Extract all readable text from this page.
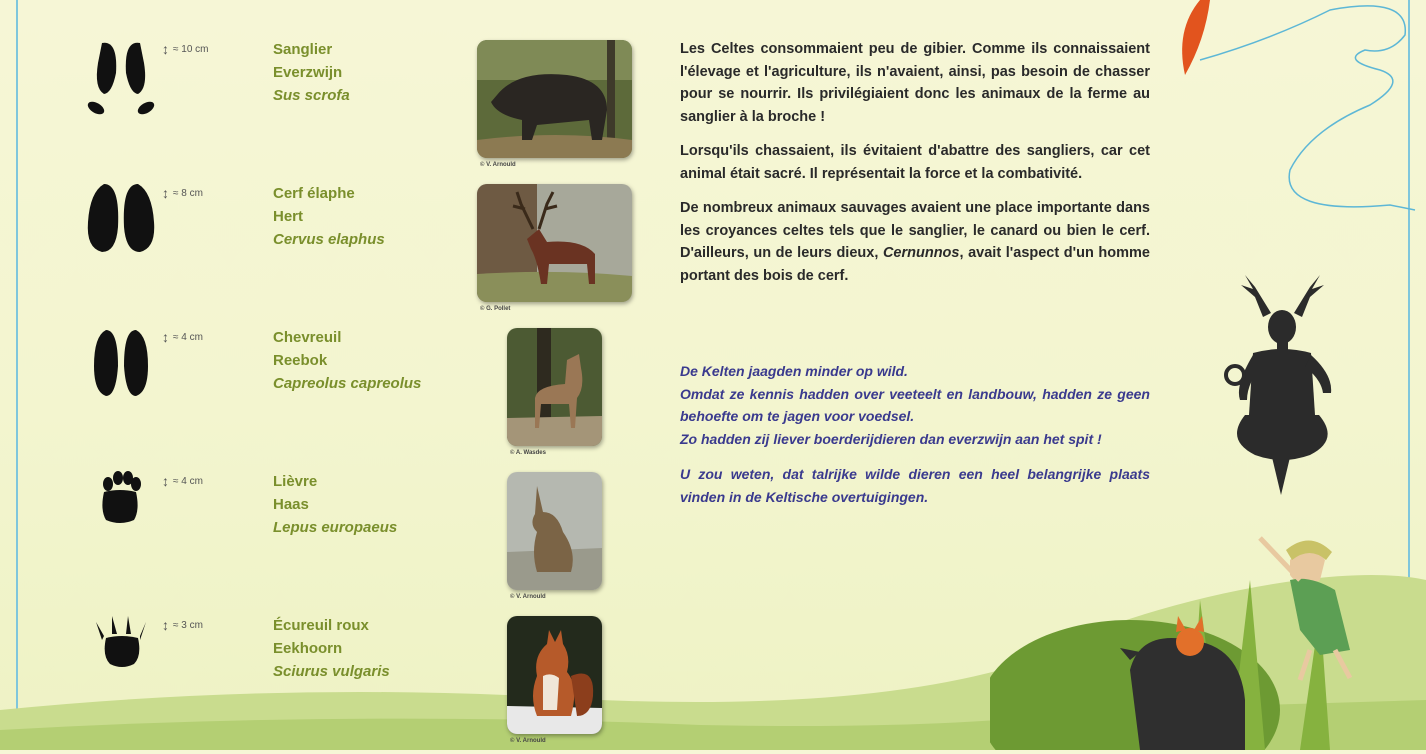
↕ ≈ 10 cm	Sanglier
Everzwijn
Sus scrofa
© V. Arnould
↕ ≈ 8 cm	Cerf élaphe
Hert
Cervus elaphus
© G. Pollet
↕ ≈ 4 cm	Chevreuil
Reebok
Capreolus capreolus
© A. Wasdes
↕ ≈ 4 cm	Lièvre
Haas
Lepus europaeus
© V. Arnould
↕ ≈ 3 cm	Écureuil roux
Eekhoorn
Sciurus vulgaris
© V. Arnould

Les Celtes consommaient peu de gibier. Comme ils connaissaient l'élevage et l'agriculture, ils n'avaient, ainsi, pas besoin de chasser pour se nourrir. Ils privilégiaient donc les animaux de la ferme au sanglier à la broche !

Lorsqu'ils chassaient, ils évitaient d'abattre des sangliers, car cet animal était sacré. Il représentait la force et la combativité.

De nombreux animaux sauvages avaient une place importante dans les croyances celtes tels que le sanglier, le canard ou bien le cerf. D'ailleurs, un de leurs dieux, Cernunnos, avait l'aspect d'un homme portant des bois de cerf.

De Kelten jaagden minder op wild.
Omdat ze kennis hadden over veeteelt en landbouw, hadden ze geen behoefte om te jagen voor voedsel.
Zo hadden zij liever boerderijdieren dan everzwijn aan het spit !

U zou weten, dat talrijke wilde dieren een heel belangrijke plaats vinden in de Keltische overtuigingen.
